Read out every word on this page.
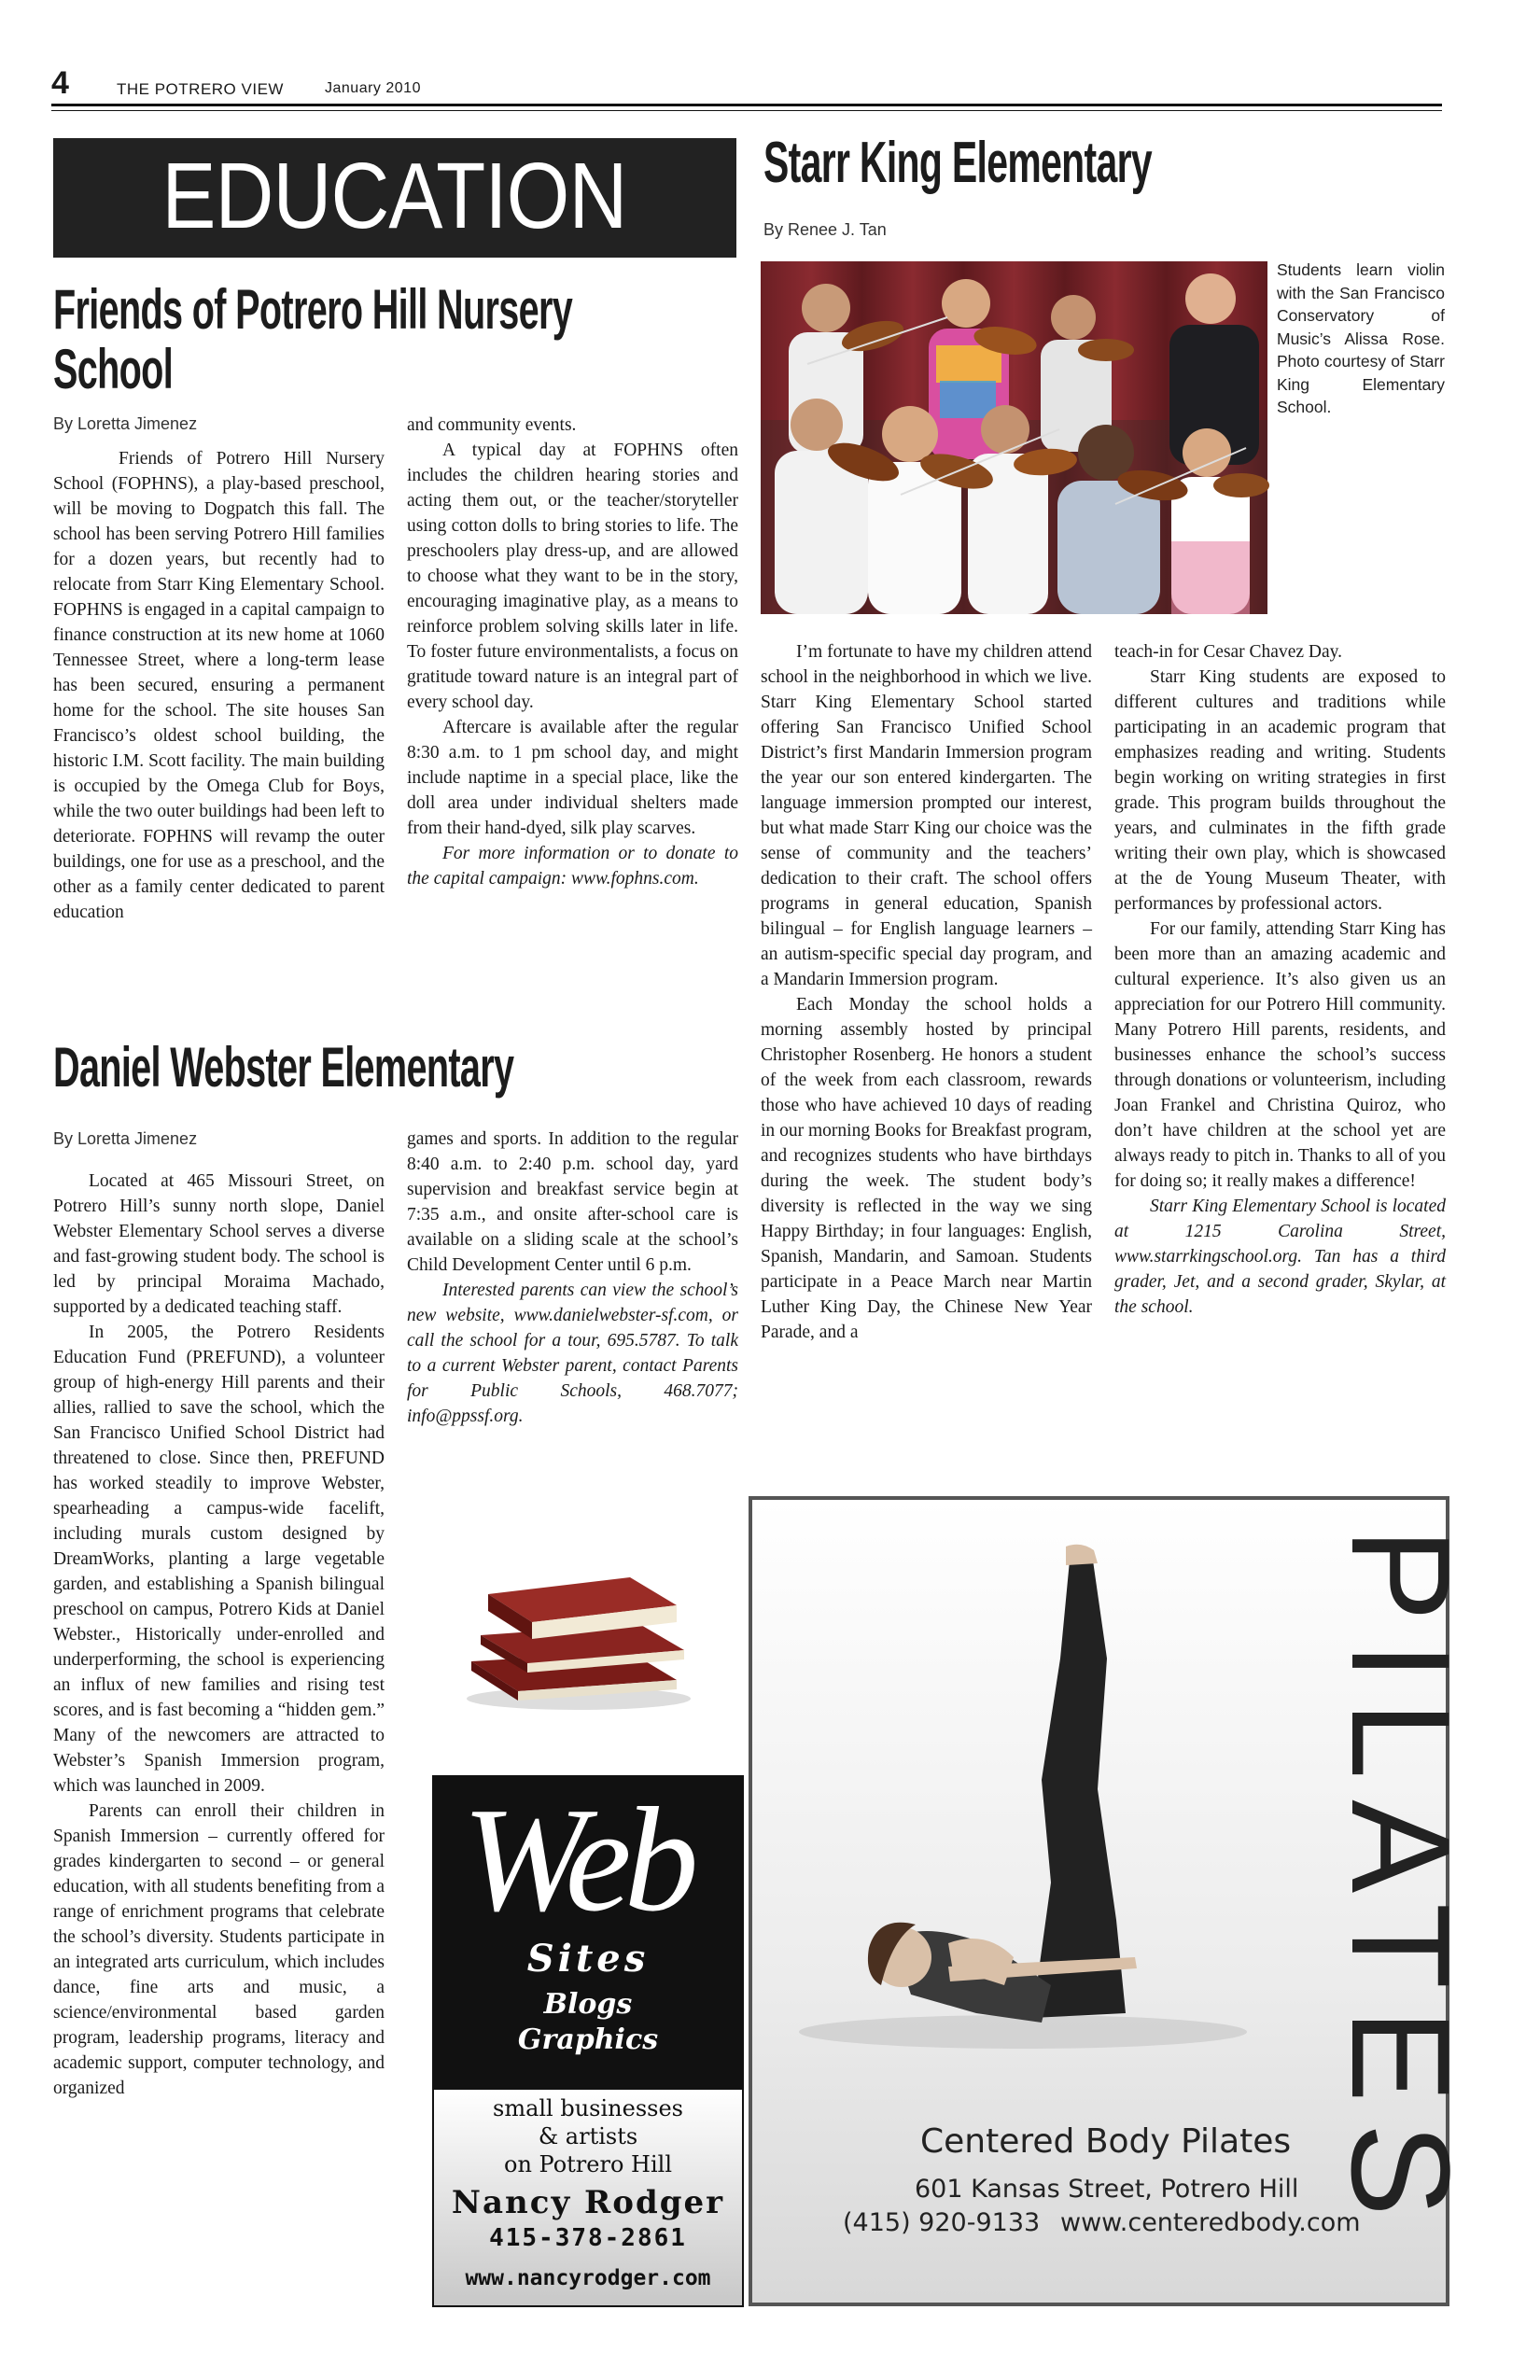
4	THE POTRERO VIEW	January 2010
EDUCATION
Friends of Potrero Hill Nursery
School
By Loretta Jimenez

Friends of Potrero Hill Nursery School (FOPHNS), a play-based preschool, will be moving to Dogpatch this fall. The school has been serving Potrero Hill families for a dozen years, but recently had to relocate from Starr King Elementary School. FOPHNS is engaged in a capital campaign to finance construction at its new home at 1060 Tennessee Street, where a long-term lease has been secured, ensuring a permanent home for the school. The site houses San Francisco’s oldest school building, the historic I.M. Scott facility. The main building is occupied by the Omega Club for Boys, while the two outer buildings had been left to deteriorate. FOPHNS will revamp the outer buildings, one for use as a preschool, and the other as a family center dedicated to parent education

and community events.

A typical day at FOPHNS often includes the children hearing stories and acting them out, or the teacher/storyteller using cotton dolls to bring stories to life. The preschoolers play dress-up, and are allowed to choose what they want to be in the story, encouraging imaginative play, as a means to reinforce problem solving skills later in life. To foster future environmentalists, a focus on gratitude toward nature is an integral part of every school day.

Aftercare is available after the regular 8:30 a.m. to 1 pm school day, and might include naptime in a special place, like the doll area under individual shelters made from their hand-dyed, silk play scarves.

For more information or to donate to the capital campaign: www.fophns.com.

Daniel Webster Elementary
By Loretta Jimenez

Located at 465 Missouri Street, on Potrero Hill’s sunny north slope, Daniel Webster Elementary School serves a diverse and fast-growing student body. The school is led by principal Moraima Machado, supported by a dedicated teaching staff.

In 2005, the Potrero Residents Education Fund (PREFUND), a volunteer group of high-energy Hill parents and their allies, rallied to save the school, which the San Francisco Unified School District had threatened to close. Since then, PREFUND has worked steadily to improve Webster, spearheading a campus-wide facelift, including murals custom designed by DreamWorks, planting a large vegetable garden, and establishing a Spanish bilingual preschool on campus, Potrero Kids at Daniel Webster., Historically under-enrolled and underperforming, the school is experiencing an influx of new families and rising test scores, and is fast becoming a “hidden gem.” Many of the newcomers are attracted to Webster’s Spanish Immersion program, which was launched in 2009.

Parents can enroll their children in Spanish Immersion – currently offered for grades kindergarten to second – or general education, with all students benefiting from a range of enrichment programs that celebrate the school’s diversity. Students participate in an integrated arts curriculum, which includes dance, fine arts and music, a science/environmental based garden program, leadership programs, literacy and academic support, computer technology, and organized

games and sports. In addition to the regular 8:40 a.m. to 2:40 p.m. school day, yard supervision and breakfast service begin at 7:35 a.m., and onsite after-school care is available on a sliding scale at the school’s Child Development Center until 6 p.m.

Interested parents can view the school’s new website, www.danielwebster-sf.com, or call the school for a tour, 695.5787. To talk to a current Webster parent, contact Parents for Public Schools, 468.7077; info@ppssf.org.

Web
Sites
Blogs
Graphics
small businesses
& artists
on Potrero Hill
Nancy Rodger
415-378-2861
www.nancyrodger.com
Starr King Elementary
By Renee J. Tan
Students learn violin with the San Francisco Conservatory of Music’s Alissa Rose. Photo courtesy of Starr King Elementary School.

I’m fortunate to have my children attend school in the neighborhood in which we live. Starr King Elementary School started offering San Francisco Unified School District’s first Mandarin Immersion program the year our son entered kindergarten. The language immersion prompted our interest, but what made Starr King our choice was the sense of community and the teachers’ dedication to their craft. The school offers programs in general education, Spanish bilingual – for English language learners – an autism-specific special day program, and a Mandarin Immersion program.

Each Monday the school holds a morning assembly hosted by principal Christopher Rosenberg. He honors a student of the week from each classroom, rewards those who have achieved 10 days of reading in our morning Books for Breakfast program, and recognizes students who have birthdays during the week. The student body’s diversity is reflected in the way we sing Happy Birthday; in four languages: English, Spanish, Mandarin, and Samoan. Students participate in a Peace March near Martin Luther King Day, the Chinese New Year Parade, and a

teach-in for Cesar Chavez Day.

Starr King students are exposed to different cultures and traditions while participating in an academic program that emphasizes reading and writing. Students begin working on writing strategies in first grade. This program builds throughout the years, and culminates in the fifth grade writing their own play, which is showcased at the de Young Museum Theater, with performances by professional actors.

For our family, attending Starr King has been more than an amazing academic and cultural experience. It’s also given us an appreciation for our Potrero Hill community. Many Potrero Hill parents, residents, and businesses enhance the school’s success through donations or volunteerism, including Joan Frankel and Christina Quiroz, who don’t have children at the school yet are always ready to pitch in. Thanks to all of you for doing so; it really makes a difference!

Starr King Elementary School is located at 1215 Carolina Street, www.starrkingschool.org. Tan has a third grader, Jet, and a second grader, Skylar, at the school.

PILATES
Centered Body Pilates
601 Kansas Street, Potrero Hill
(415) 920-9133 www.centeredbody.com
